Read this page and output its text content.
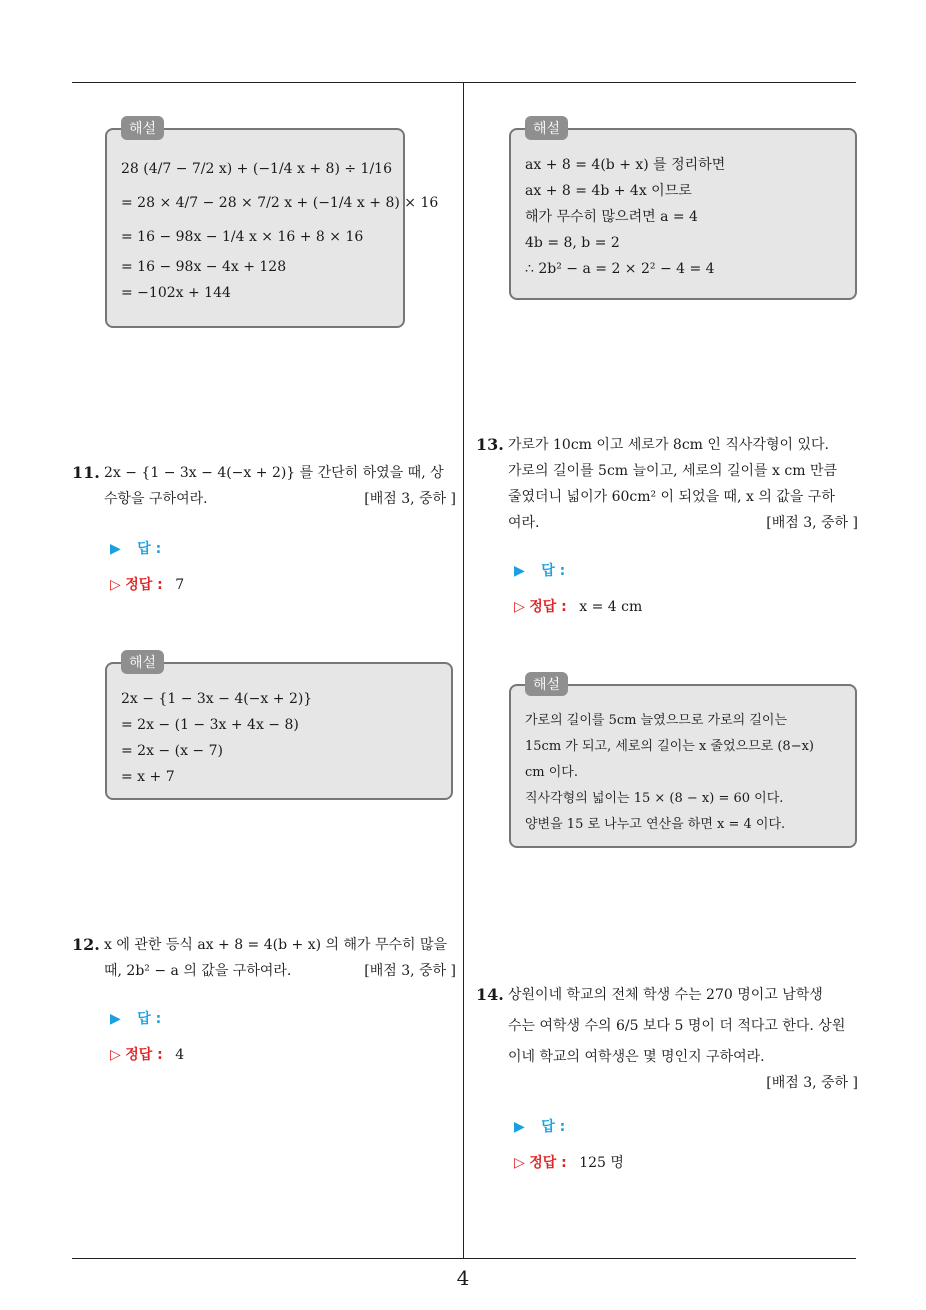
해설
28 (4/7 − 7/2 x) + (−1/4 x + 8) ÷ 1/16
= 28 × 4/7 − 28 × 7/2 x + (−1/4 x + 8) × 16
= 16 − 98x − 1/4 x × 16 + 8 × 16
= 16 − 98x − 4x + 128
= −102x + 144
11. 2x − {1 − 3x − 4(−x + 2)} 를 간단히 하였을 때, 상
수항을 구하여라.	[배점 3, 중하 ]
▶ 답 :
▷ 정답 : 7
해설
2x − {1 − 3x − 4(−x + 2)}
= 2x − (1 − 3x + 4x − 8)
= 2x − (x − 7)
= x + 7
12. x 에 관한 등식 ax + 8 = 4(b + x) 의 해가 무수히 많을
때, 2b² − a 의 값을 구하여라.	[배점 3, 중하 ]
▶ 답 :
▷ 정답 : 4
해설
ax + 8 = 4(b + x) 를 정리하면
ax + 8 = 4b + 4x 이므로
해가 무수히 많으려면 a = 4
4b = 8, b = 2
∴ 2b² − a = 2 × 2² − 4 = 4
13. 가로가 10cm 이고 세로가 8cm 인 직사각형이 있다.
가로의 길이를 5cm 늘이고, 세로의 길이를 x cm 만큼
줄였더니 넓이가 60cm² 이 되었을 때, x 의 값을 구하
여라.	[배점 3, 중하 ]
▶ 답 :
▷ 정답 : x = 4 cm
해설
가로의 길이를 5cm 늘였으므로 가로의 길이는
15cm 가 되고, 세로의 길이는 x 줄었으므로 (8−x)
cm 이다.
직사각형의 넓이는 15 × (8 − x) = 60 이다.
양변을 15 로 나누고 연산을 하면 x = 4 이다.
14. 상원이네 학교의 전체 학생 수는 270 명이고 남학생
수는 여학생 수의 6/5 보다 5 명이 더 적다고 한다. 상원
이네 학교의 여학생은 몇 명인지 구하여라.
[배점 3, 중하 ]
▶ 답 :
▷ 정답 : 125 명
4
